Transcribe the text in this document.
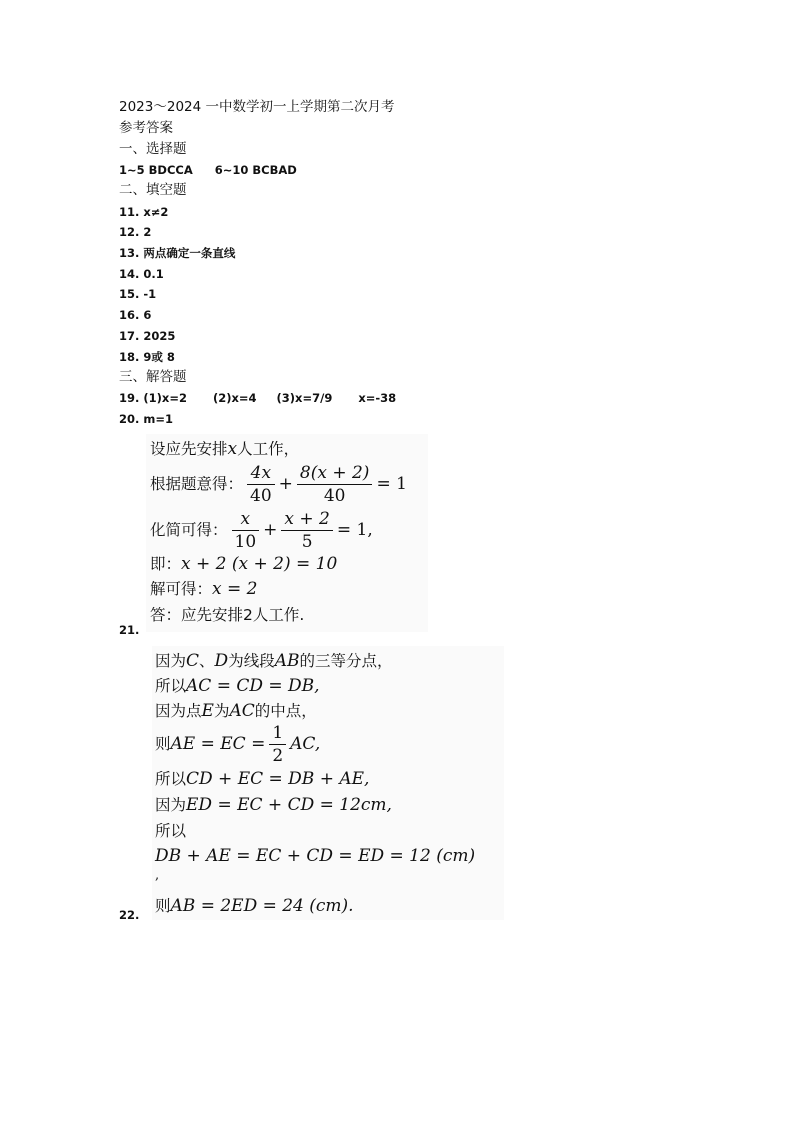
2023～2024 一中数学初一上学期第二次月考
参考答案
一、选择题
1~5 BDCCA 6~10 BCBAD
二、填空题
11. x≠2
12. 2
13. 两点确定一条直线
14. 0.1
15. -1
16. 6
17. 2025
18. 9或 8
三、解答题
19. (1)x=2 (2)x=4 (3)x=7/9 x=-38
20. m=1
设应先安排x人工作，
根据题意得： $\frac{4x}{40} + \frac{8(x + 2)}{40} = 1$
化简可得： $\frac{x}{10} + \frac{x + 2}{5} = 1$,
即：x + 2 (x + 2) = 10
解可得：x = 2
答：应先安排2人工作.
21.
因为C、D为线段AB的三等分点，
所以AC = CD = DB,
因为点E为AC的中点，
则AE = EC = $\frac{1}{2}$ AC,
所以CD + EC = DB + AE,
因为ED = EC + CD = 12cm,
所以
DB + AE = EC + CD = ED = 12 (cm)
,
则AB = 2ED = 24 (cm).
22.
